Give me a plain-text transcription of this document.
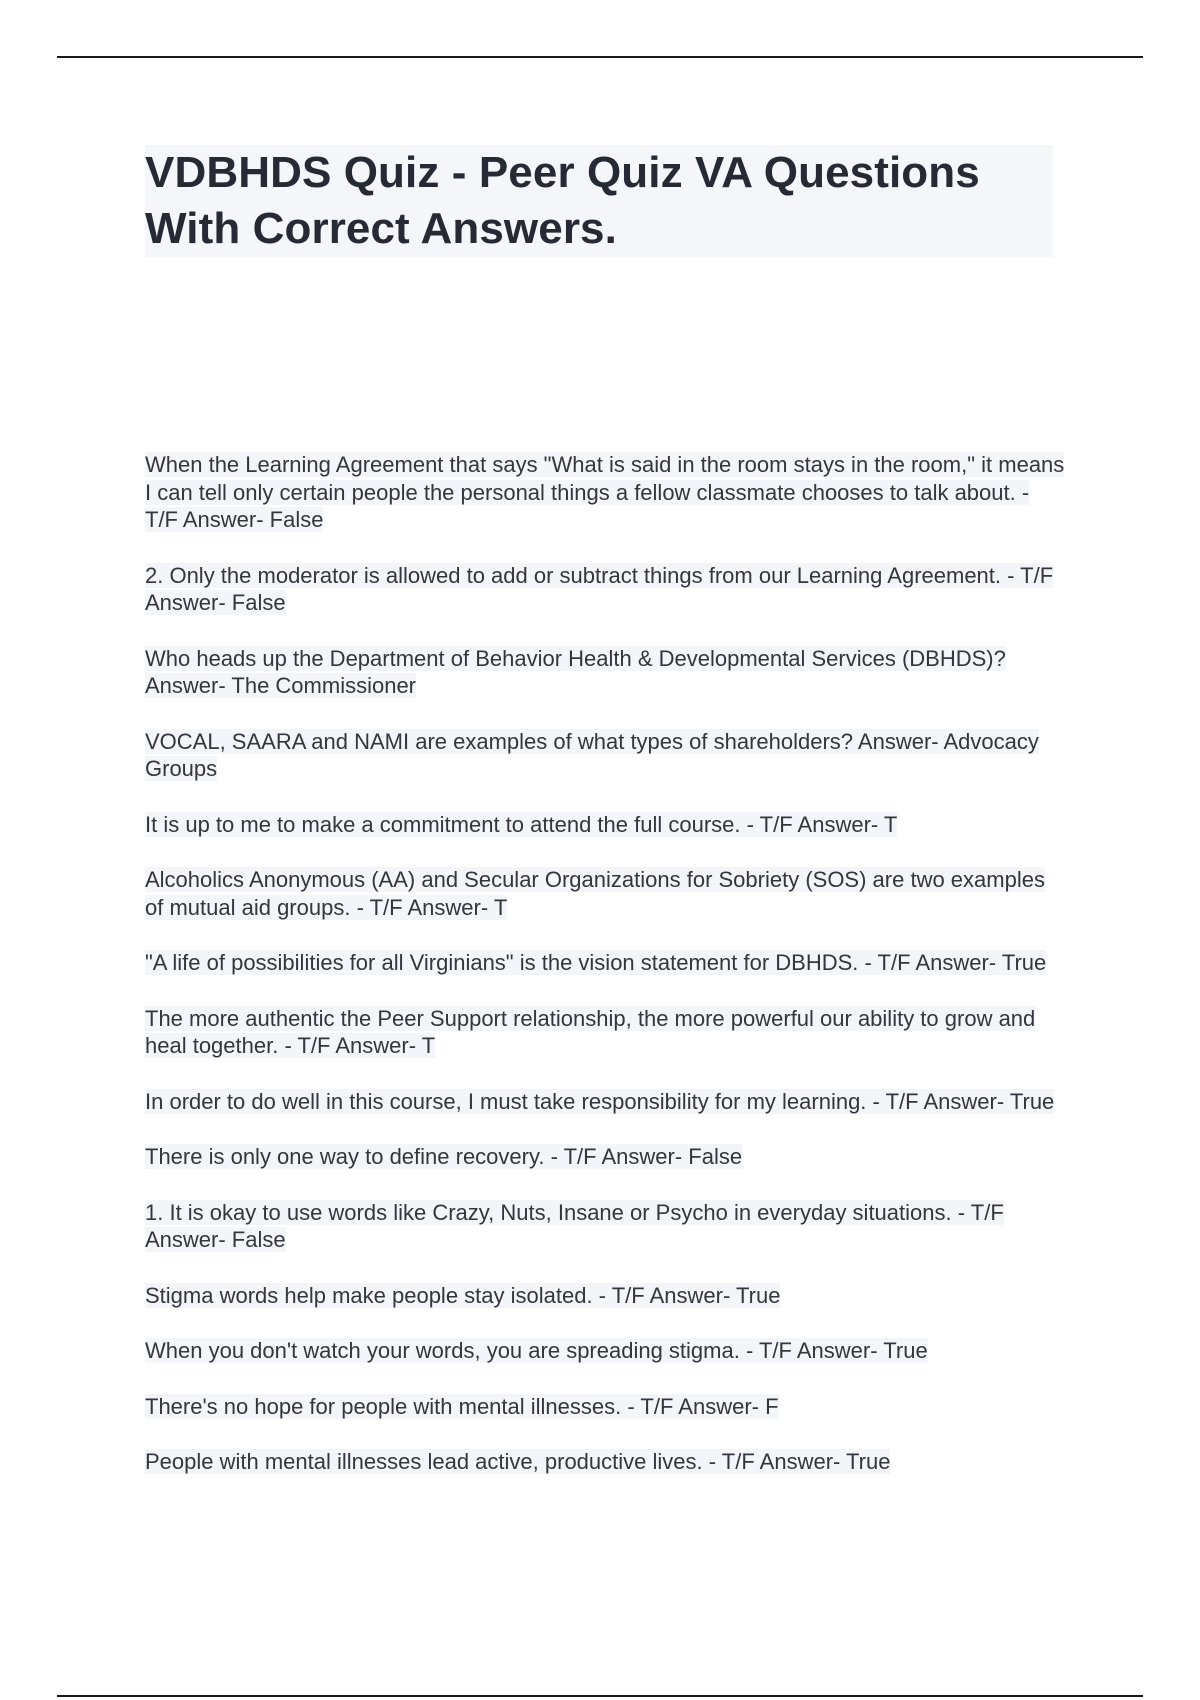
VDBHDS Quiz - Peer Quiz VA Questions With Correct Answers.
When the Learning Agreement that says "What is said in the room stays in the room," it means I can tell only certain people the personal things a fellow classmate chooses to talk about. - T/F Answer- False
2. Only the moderator is allowed to add or subtract things from our Learning Agreement. - T/F Answer- False
Who heads up the Department of Behavior Health & Developmental Services (DBHDS)? Answer- The Commissioner
VOCAL, SAARA and NAMI are examples of what types of shareholders? Answer- Advocacy Groups
It is up to me to make a commitment to attend the full course. - T/F Answer- T
Alcoholics Anonymous (AA) and Secular Organizations for Sobriety (SOS) are two examples of mutual aid groups. - T/F Answer- T
"A life of possibilities for all Virginians" is the vision statement for DBHDS. - T/F Answer- True
The more authentic the Peer Support relationship, the more powerful our ability to grow and heal together. - T/F Answer- T
In order to do well in this course, I must take responsibility for my learning. - T/F Answer- True
There is only one way to define recovery. - T/F Answer- False
1. It is okay to use words like Crazy, Nuts, Insane or Psycho in everyday situations. - T/F Answer- False
Stigma words help make people stay isolated. - T/F Answer- True
When you don't watch your words, you are spreading stigma. - T/F Answer- True
There's no hope for people with mental illnesses. - T/F Answer- F
People with mental illnesses lead active, productive lives. - T/F Answer- True
